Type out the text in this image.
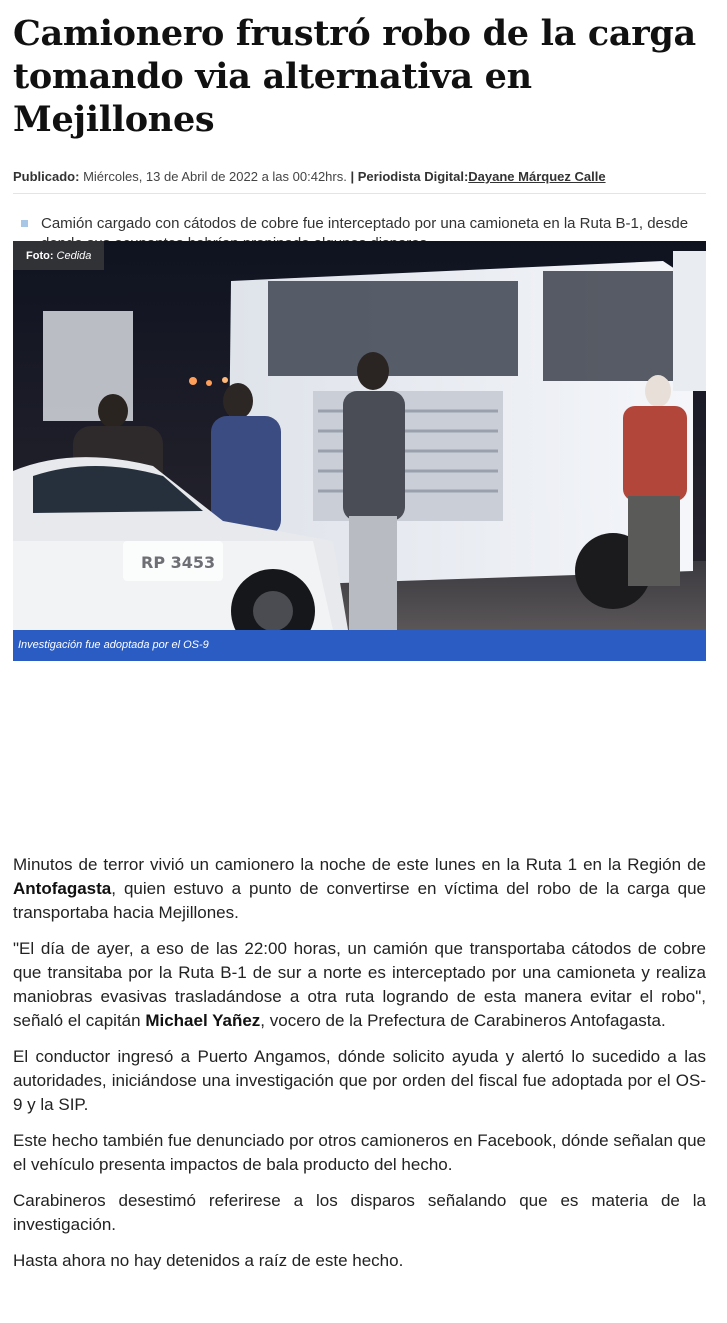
Camionero frustró robo de la carga tomando via alternativa en Mejillones
Publicado: Miércoles, 13 de Abril de 2022 a las 00:42hrs. | Periodista Digital:Dayane Márquez Calle
Camión cargado con cátodos de cobre fue interceptado por una camioneta en la Ruta B-1, desde
RP 3453
Foto: Cedida
Investigación fue adoptada por el OS-9

Minutos de terror vivió un camionero la noche de este lunes en la Ruta 1 en la Región de Antofagasta, quien estuvo a punto de convertirse en víctima del robo de la carga que transportaba hacia Mejillones.

"El día de ayer, a eso de las 22:00 horas, un camión que transportaba cátodos de cobre que transitaba por la Ruta B-1 de sur a norte es interceptado por una camioneta y realiza maniobras evasivas trasladándose a otra ruta logrando de esta manera evitar el robo", señaló el capitán Michael Yañez, vocero de la Prefectura de Carabineros Antofagasta.

El conductor ingresó a Puerto Angamos, dónde solicito ayuda y alertó lo sucedido a las autoridades, iniciándose una investigación que por orden del fiscal fue adoptada por el OS-9 y la SIP.

Este hecho también fue denunciado por otros camioneros en Facebook, dónde señalan que el vehículo presenta impactos de bala producto del hecho.

Carabineros desestimó referirese a los disparos señalando que es materia de la investigación.

Hasta ahora no hay detenidos a raíz de este hecho.
